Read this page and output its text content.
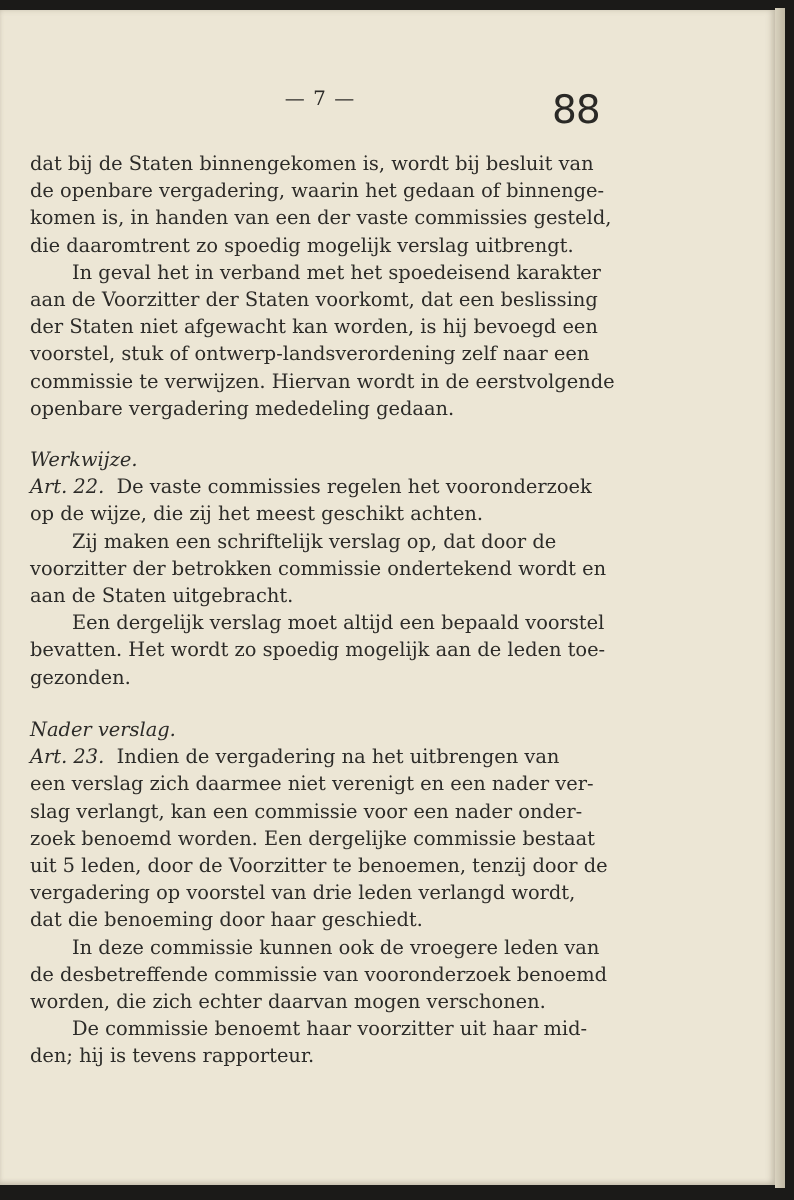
— 7 —	88
dat bij de Staten binnengekomen is, wordt bij besluit van
de openbare vergadering, waarin het gedaan of binnenge-
komen is, in handen van een der vaste commissies gesteld,
die daaromtrent zo spoedig mogelijk verslag uitbrengt.
In geval het in verband met het spoedeisend karakter
aan de Voorzitter der Staten voorkomt, dat een beslissing
der Staten niet afgewacht kan worden, is hij bevoegd een
voorstel, stuk of ontwerp-landsverordening zelf naar een
commissie te verwijzen. Hiervan wordt in de eerstvolgende
openbare vergadering mededeling gedaan.
Werkwijze.
Art. 22. De vaste commissies regelen het vooronderzoek
op de wijze, die zij het meest geschikt achten.
Zij maken een schriftelijk verslag op, dat door de
voorzitter der betrokken commissie ondertekend wordt en
aan de Staten uitgebracht.
Een dergelijk verslag moet altijd een bepaald voorstel
bevatten. Het wordt zo spoedig mogelijk aan de leden toe-
gezonden.
Nader verslag.
Art. 23. Indien de vergadering na het uitbrengen van
een verslag zich daarmee niet verenigt en een nader ver-
slag verlangt, kan een commissie voor een nader onder-
zoek benoemd worden. Een dergelijke commissie bestaat
uit 5 leden, door de Voorzitter te benoemen, tenzij door de
vergadering op voorstel van drie leden verlangd wordt,
dat die benoeming door haar geschiedt.
In deze commissie kunnen ook de vroegere leden van
de desbetreffende commissie van vooronderzoek benoemd
worden, die zich echter daarvan mogen verschonen.
De commissie benoemt haar voorzitter uit haar mid-
den; hij is tevens rapporteur.
